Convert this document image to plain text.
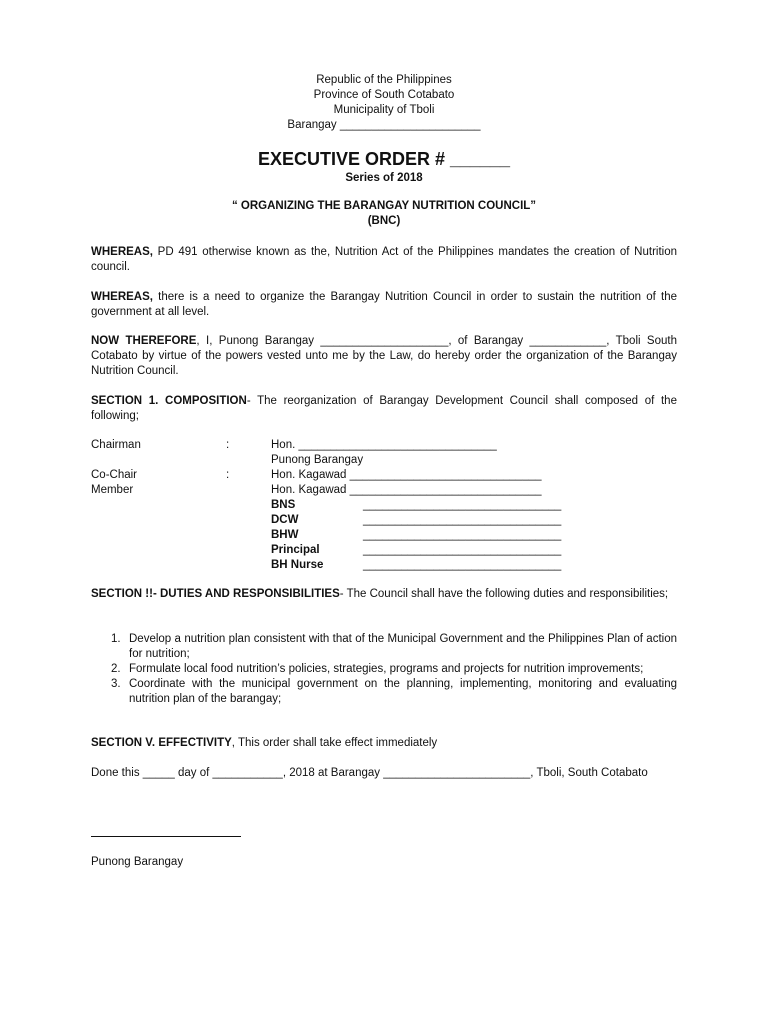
Republic of the Philippines
Province of South Cotabato
Municipality of Tboli
Barangay ______________________
EXECUTIVE ORDER # ______
Series of 2018
“ ORGANIZING THE BARANGAY NUTRITION COUNCIL”
(BNC)
WHEREAS, PD 491 otherwise known as the, Nutrition Act of the Philippines mandates the creation of Nutrition council.
WHEREAS, there is a need to organize the Barangay Nutrition Council in order to sustain the nutrition of the government at all level.
NOW THEREFORE, I, Punong Barangay ____________________, of Barangay ____________, Tboli South Cotabato by virtue of the powers vested unto me by the Law, do hereby order the organization of the Barangay Nutrition Council.
SECTION 1. COMPOSITION- The reorganization of Barangay Development Council shall composed of the following;
Chairman	:	Hon. _______________________________
Punong Barangay
Co-Chair	:	Hon. Kagawad ______________________________
Member	Hon. Kagawad ______________________________
BNS	_______________________________
DCW	_______________________________
BHW	_______________________________
Principal	_______________________________
BH Nurse	_______________________________
SECTION !!- DUTIES AND RESPONSIBILITIES- The Council shall have the following duties and responsibilities;
1. Develop a nutrition plan consistent with that of the Municipal Government and the Philippines Plan of action for nutrition;
2. Formulate local food nutrition’s policies, strategies, programs and projects for nutrition improvements;
3. Coordinate with the municipal government on the planning, implementing, monitoring and evaluating nutrition plan of the barangay;
SECTION V. EFFECTIVITY, This order shall take effect immediately
Done this _____ day of ___________, 2018 at Barangay _______________________, Tboli, South Cotabato
Punong Barangay
